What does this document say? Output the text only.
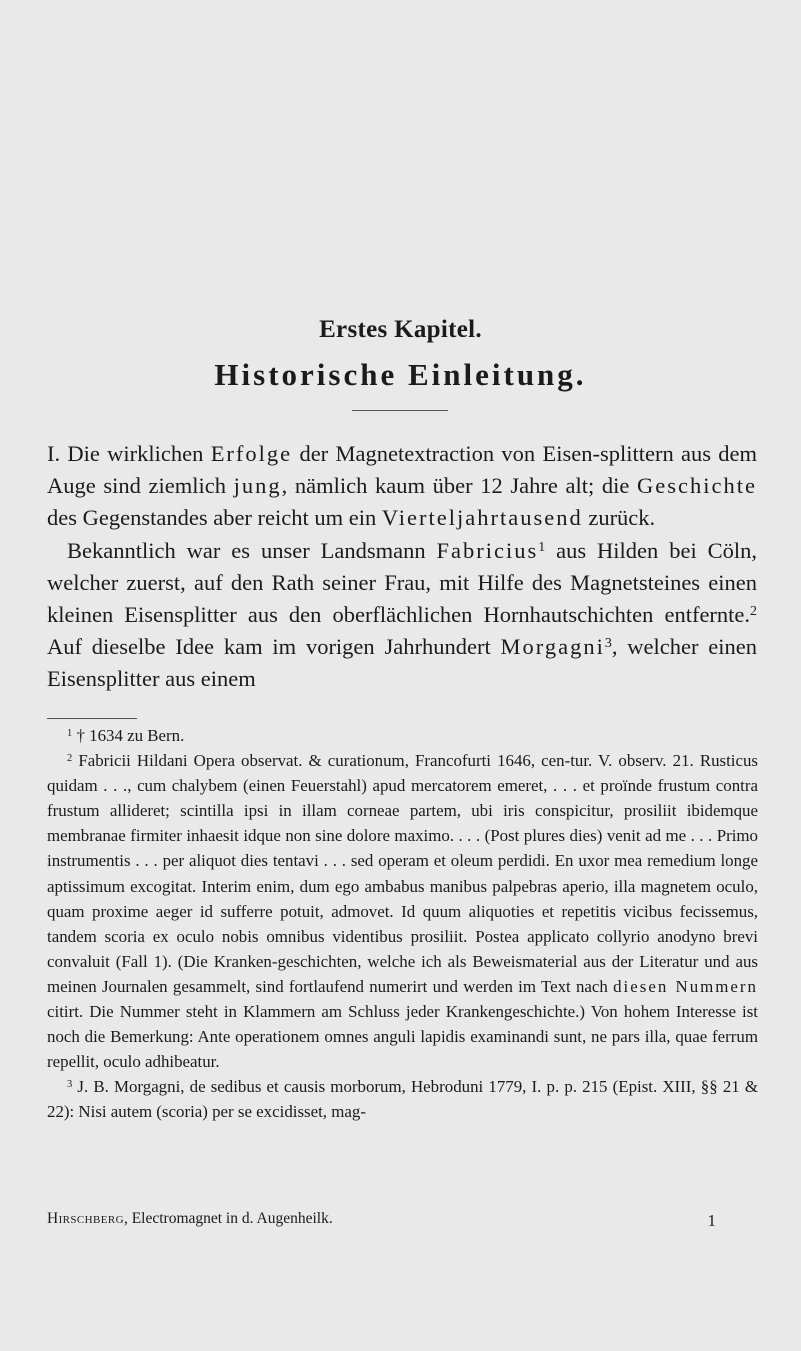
Erstes Kapitel.
Historische Einleitung.

I. Die wirklichen Erfolge der Magnetextraction von Eisen-splittern aus dem Auge sind ziemlich jung, nämlich kaum über 12 Jahre alt; die Geschichte des Gegenstandes aber reicht um ein Vierteljahrtausend zurück.

Bekanntlich war es unser Landsmann Fabricius$^1$ aus Hilden bei Cöln, welcher zuerst, auf den Rath seiner Frau, mit Hilfe des Magnetsteines einen kleinen Eisensplitter aus den oberflächlichen Hornhautschichten entfernte.$^2$ Auf dieselbe Idee kam im vorigen Jahrhundert Morgagni$^3$, welcher einen Eisensplitter aus einem

$^1$ † 1634 zu Bern.

$^2$ Fabricii Hildani Opera observat. & curationum, Francofurti 1646, cen-tur. V. observ. 21. Rusticus quidam . . ., cum chalybem (einen Feuerstahl) apud mercatorem emeret, . . . et proïnde frustum contra frustum allideret; scintilla ipsi in illam corneae partem, ubi iris conspicitur, prosiliit ibidemque membranae firmiter inhaesit idque non sine dolore maximo. . . . (Post plures dies) venit ad me . . . Primo instrumentis . . . per aliquot dies tentavi . . . sed operam et oleum perdidi. En uxor mea remedium longe aptissimum excogitat. Interim enim, dum ego ambabus manibus palpebras aperio, illa magnetem oculo, quam proxime aeger id sufferre potuit, admovet. Id quum aliquoties et repetitis vicibus fecissemus, tandem scoria ex oculo nobis omnibus videntibus prosiliit. Postea applicato collyrio anodyno brevi convaluit (Fall 1). (Die Kranken-geschichten, welche ich als Beweismaterial aus der Literatur und aus meinen Journalen gesammelt, sind fortlaufend numerirt und werden im Text nach diesen Nummern citirt. Die Nummer steht in Klammern am Schluss jeder Krankengeschichte.) Von hohem Interesse ist noch die Bemerkung: Ante operationem omnes anguli lapidis examinandi sunt, ne pars illa, quae ferrum repellit, oculo adhibeatur.

$^3$ J. B. Morgagni, de sedibus et causis morborum, Hebroduni 1779, I. p. p. 215 (Epist. XIII, §§ 21 & 22): Nisi autem (scoria) per se excidisset, mag-

Hirschberg, Electromagnet in d. Augenheilk.	1
